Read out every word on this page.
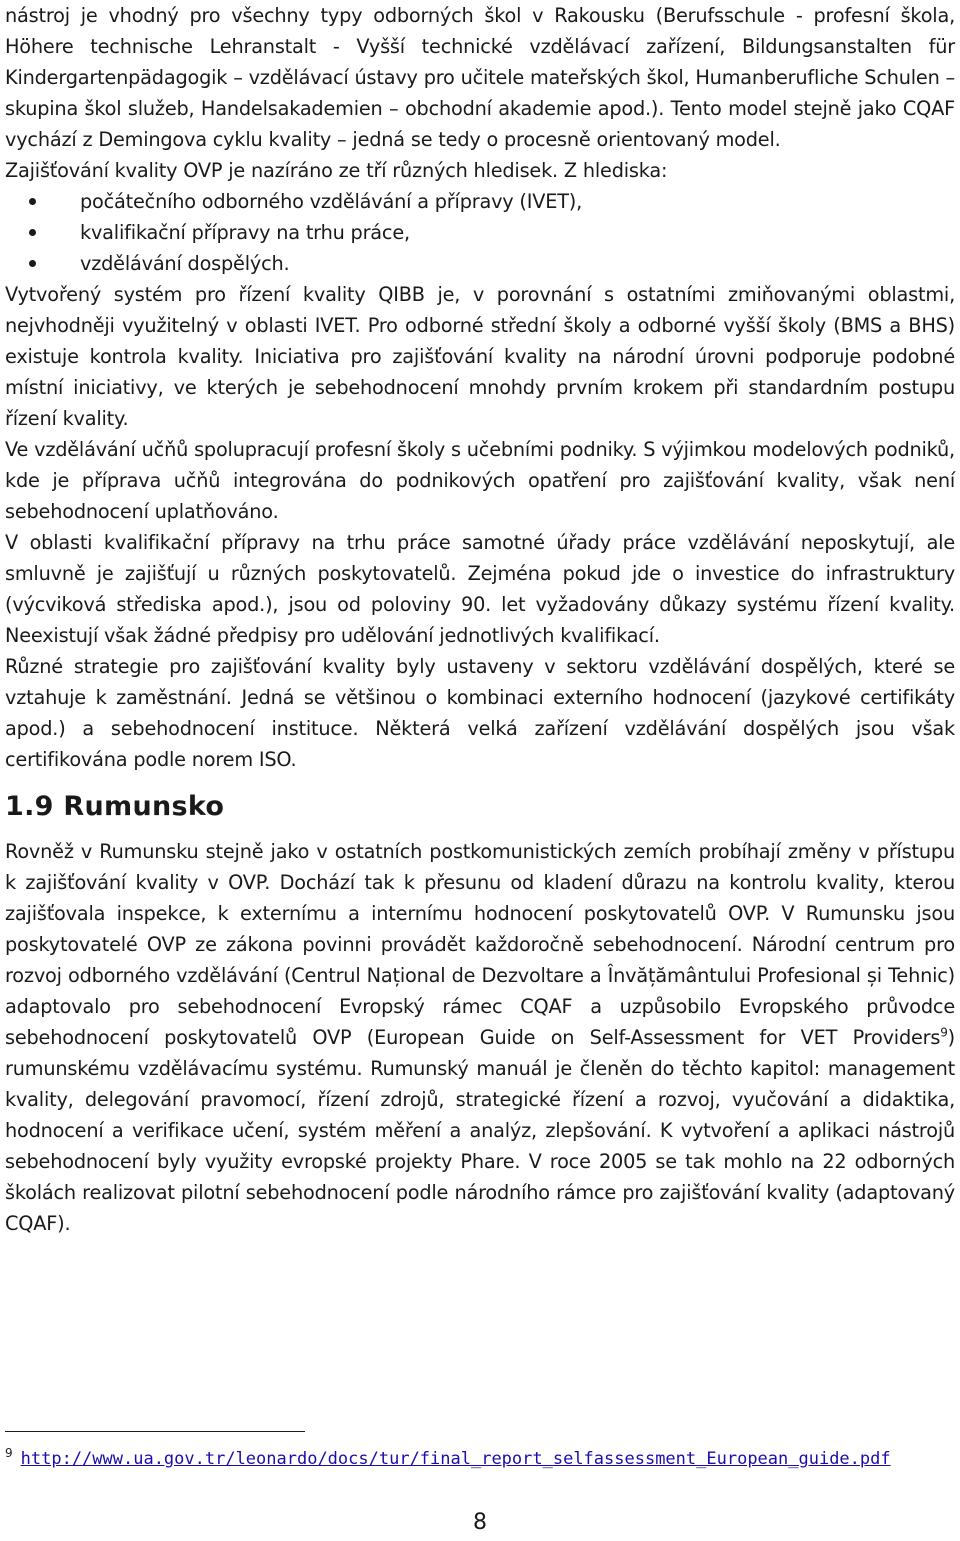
nástroj je vhodný pro všechny typy odborných škol v Rakousku (Berufsschule - profesní škola, Höhere technische Lehranstalt - Vyšší technické vzdělávací zařízení, Bildungsanstalten für Kindergartenpädagogik – vzdělávací ústavy pro učitele mateřských škol, Humanberufliche Schulen – skupina škol služeb, Handelsakademien – obchodní akademie apod.). Tento model stejně jako CQAF vychází z Demingova cyklu kvality – jedná se tedy o procesně orientovaný model.

Zajišťování kvality OVP je nazíráno ze tří různých hledisek. Z hlediska:

počátečního odborného vzdělávání a přípravy (IVET),
kvalifikační přípravy na trhu práce,
vzdělávání dospělých.

Vytvořený systém pro řízení kvality QIBB je, v porovnání s ostatními zmiňovanými oblastmi, nejvhodněji využitelný v oblasti IVET. Pro odborné střední školy a odborné vyšší školy (BMS a BHS) existuje kontrola kvality. Iniciativa pro zajišťování kvality na národní úrovni podporuje podobné místní iniciativy, ve kterých je sebehodnocení mnohdy prvním krokem při standardním postupu řízení kvality.

Ve vzdělávání učňů spolupracují profesní školy s učebními podniky. S výjimkou modelových podniků, kde je příprava učňů integrována do podnikových opatření pro zajišťování kvality, však není sebehodnocení uplatňováno.

V oblasti kvalifikační přípravy na trhu práce samotné úřady práce vzdělávání neposkytují, ale smluvně je zajišťují u různých poskytovatelů. Zejména pokud jde o investice do infrastruktury (výcviková střediska apod.), jsou od poloviny 90. let vyžadovány důkazy systému řízení kvality. Neexistují však žádné předpisy pro udělování jednotlivých kvalifikací.

Různé strategie pro zajišťování kvality byly ustaveny v sektoru vzdělávání dospělých, které se vztahuje k zaměstnání. Jedná se většinou o kombinaci externího hodnocení (jazykové certifikáty apod.) a sebehodnocení instituce. Některá velká zařízení vzdělávání dospělých jsou však certifikována podle norem ISO.

1.9 Rumunsko

Rovněž v Rumunsku stejně jako v ostatních postkomunistických zemích probíhají změny v přístupu k zajišťování kvality v OVP. Dochází tak k přesunu od kladení důrazu na kontrolu kvality, kterou zajišťovala inspekce, k externímu a internímu hodnocení poskytovatelů OVP. V Rumunsku jsou poskytovatelé OVP ze zákona povinni provádět každoročně sebehodnocení. Národní centrum pro rozvoj odborného vzdělávání (Centrul Național de Dezvoltare a Învățământului Profesional și Tehnic) adaptovalo pro sebehodnocení Evropský rámec CQAF a uzpůsobilo Evropského průvodce sebehodnocení poskytovatelů OVP (European Guide on Self-Assessment for VET Providers$^9$) rumunskému vzdělávacímu systému. Rumunský manuál je členěn do těchto kapitol: management kvality, delegování pravomocí, řízení zdrojů, strategické řízení a rozvoj, vyučování a didaktika, hodnocení a verifikace učení, systém měření a analýz, zlepšování. K vytvoření a aplikaci nástrojů sebehodnocení byly využity evropské projekty Phare. V roce 2005 se tak mohlo na 22 odborných školách realizovat pilotní sebehodnocení podle národního rámce pro zajišťování kvality (adaptovaný CQAF).

$^9$ http://www.ua.gov.tr/leonardo/docs/tur/final_report_selfassessment_European_guide.pdf
8
